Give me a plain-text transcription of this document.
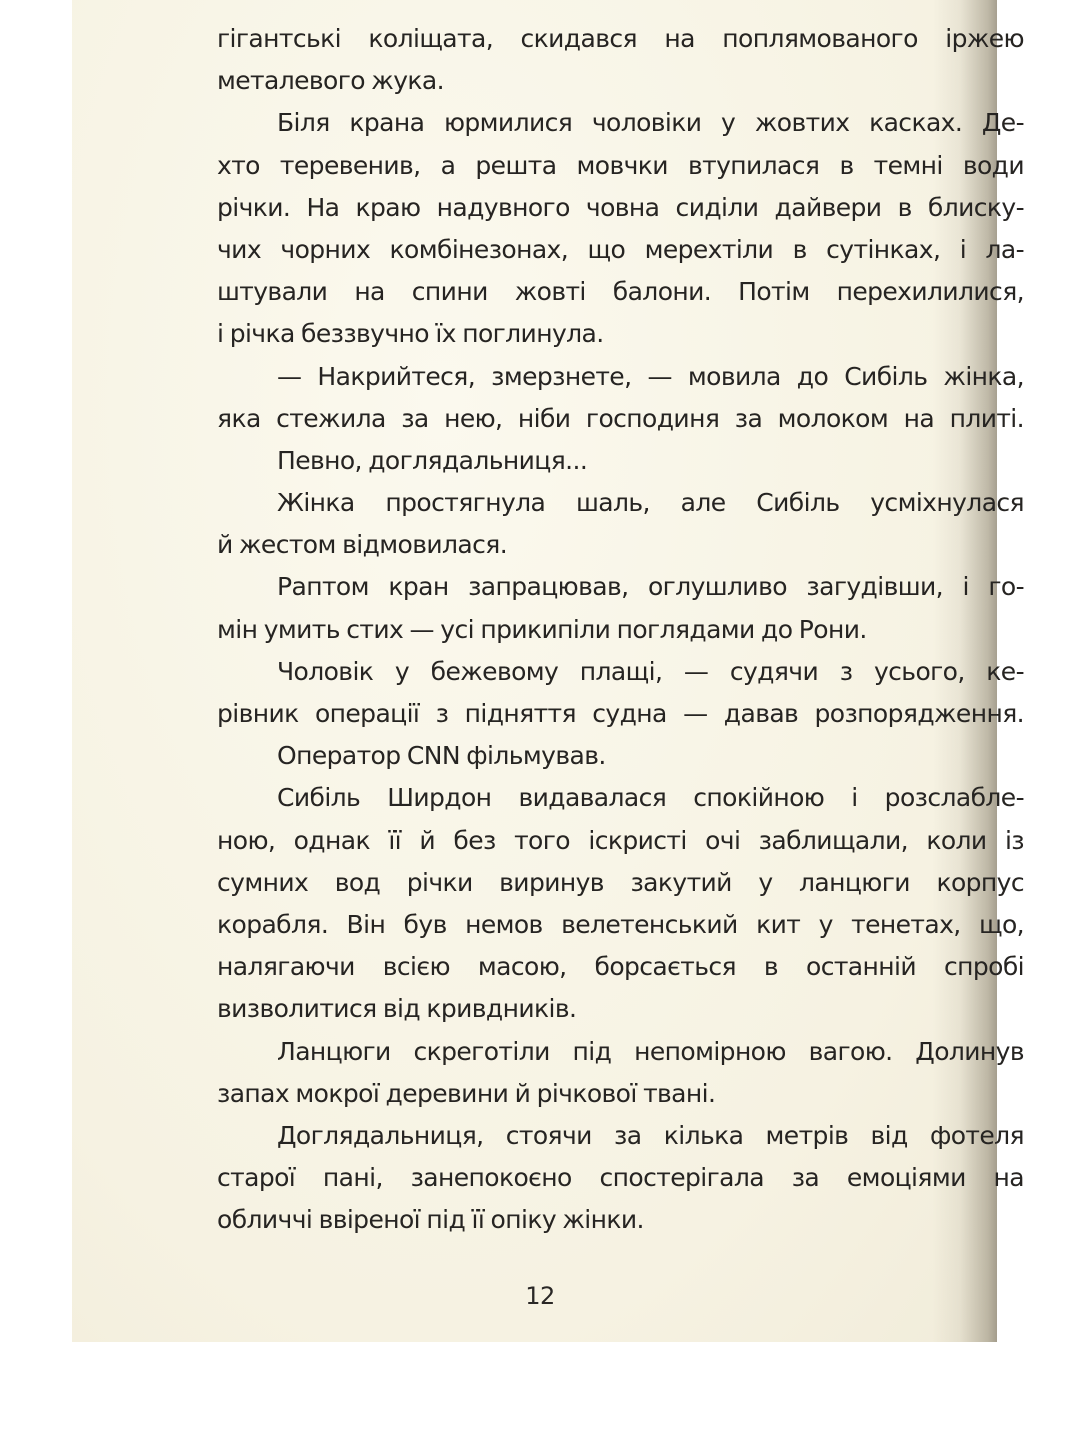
гігантські коліщата, скидався на поплямованого іржею
металевого жука.
Біля крана юрмилися чоловіки у жовтих касках. Де-
хто теревенив, а решта мовчки втупилася в темні води
річки. На краю надувного човна сиділи дайвери в блиску-
чих чорних комбінезонах, що мерехтіли в сутінках, і ла-
штували на спини жовті балони. Потім перехилилися,
і річка беззвучно їх поглинула.
— Накрийтеся, змерзнете, — мовила до Сибіль жінка,
яка стежила за нею, ніби господиня за молоком на плиті.
Певно, доглядальниця...
Жінка простягнула шаль, але Сибіль усміхнулася
й жестом відмовилася.
Раптом кран запрацював, оглушливо загудівши, і го-
мін умить стих — усі прикипіли поглядами до Рони.
Чоловік у бежевому плащі, — судячи з усього, ке-
рівник операції з підняття судна — давав розпорядження.
Оператор CNN фільмував.
Сибіль Ширдон видавалася спокійною і розслабле-
ною, однак її й без того іскристі очі заблищали, коли із
сумних вод річки виринув закутий у ланцюги корпус
корабля. Він був немов велетенський кит у тенетах, що,
налягаючи всією масою, борсається в останній спробі
визволитися від кривдників.
Ланцюги скреготіли під непомірною вагою. Долинув
запах мокрої деревини й річкової твані.
Доглядальниця, стоячи за кілька метрів від фотеля
старої пані, занепокоєно спостерігала за емоціями на
обличчі ввіреної під її опіку жінки.
12
